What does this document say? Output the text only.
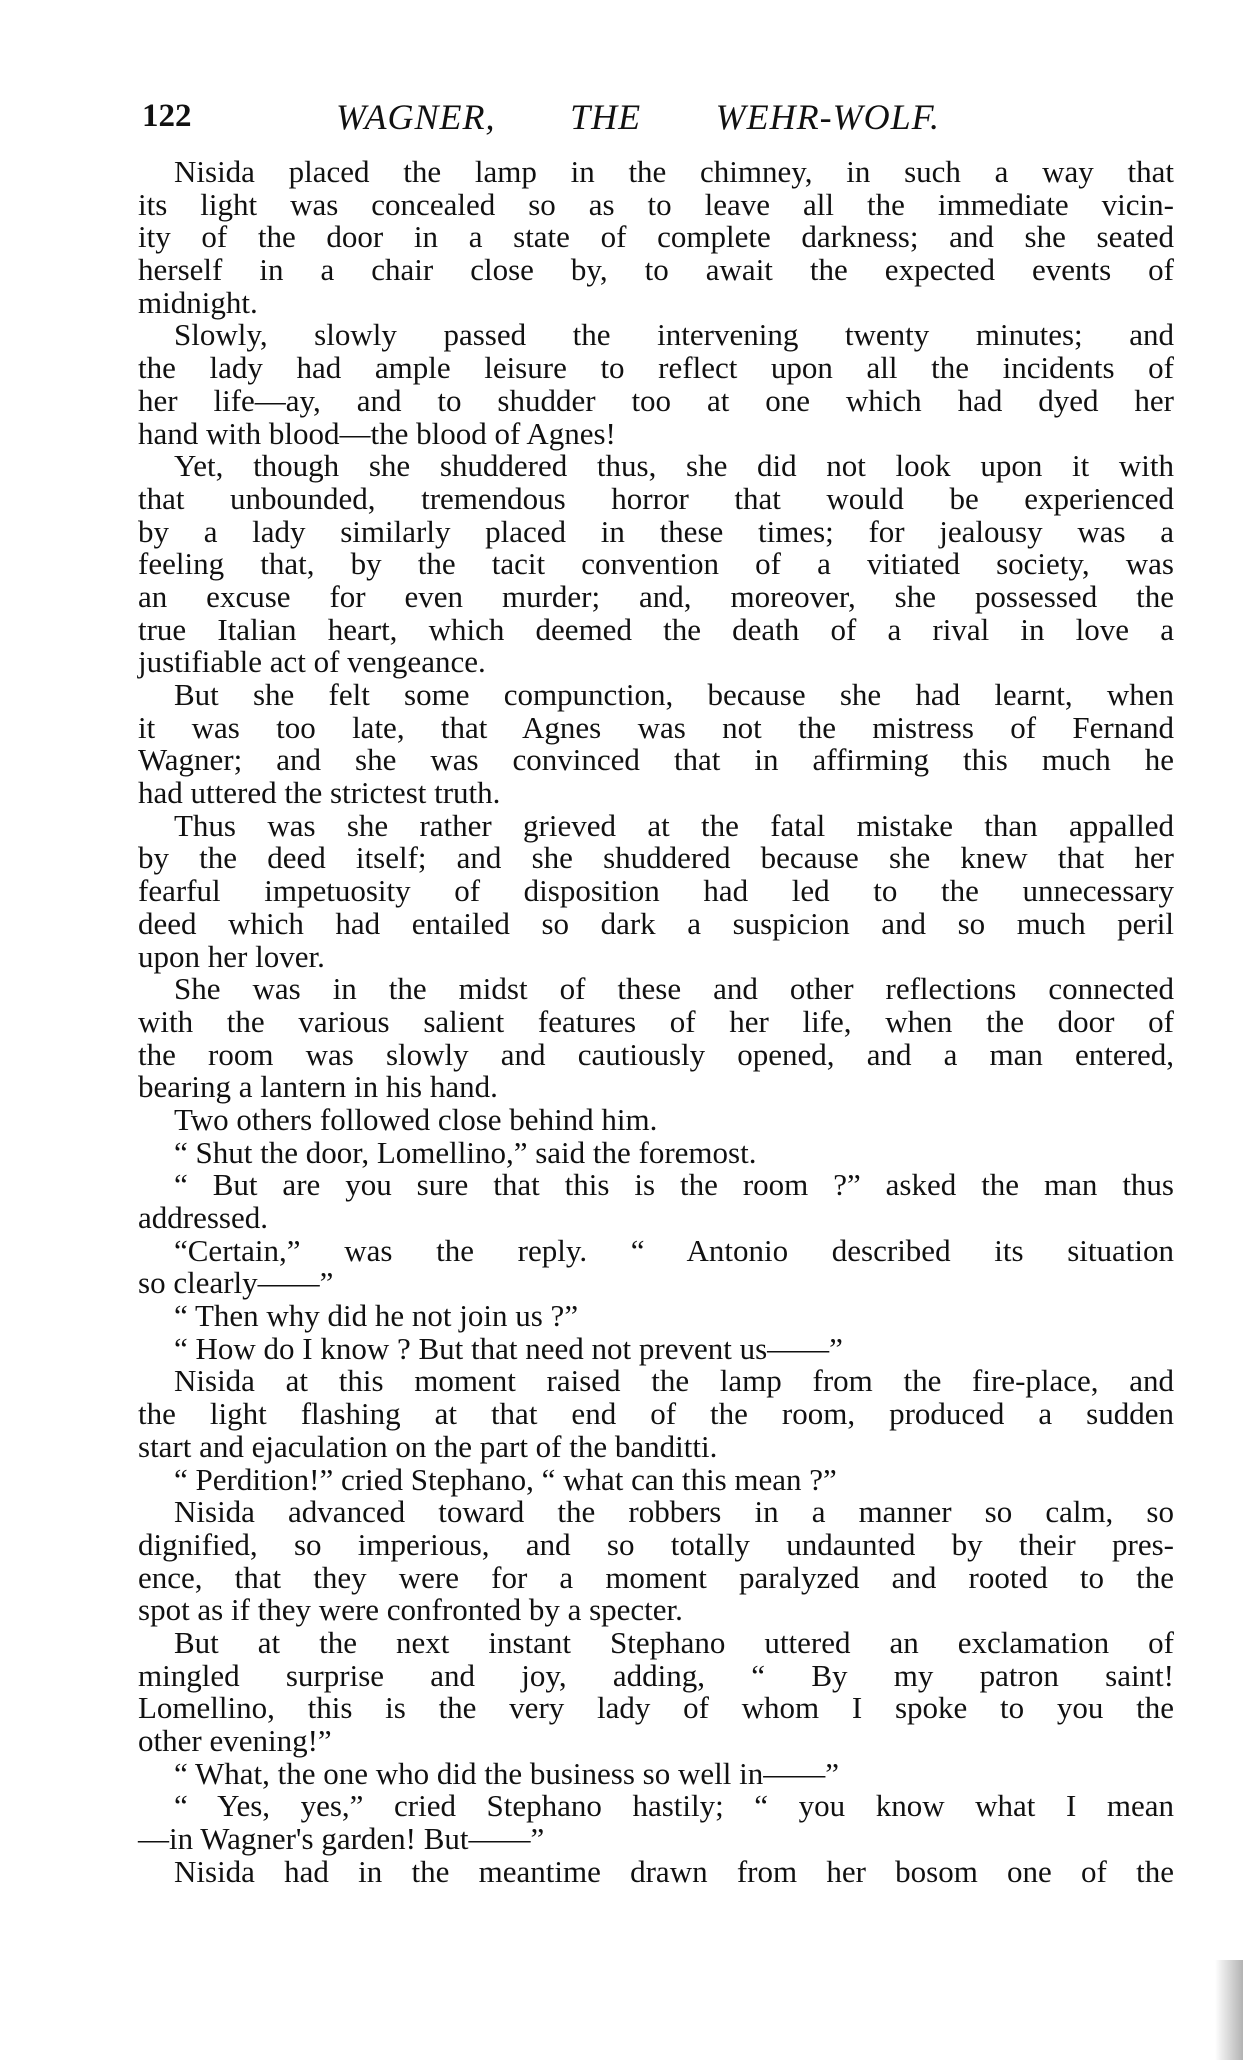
122	WAGNER, THE WEHR-WOLF.
Nisida placed the lamp in the chimney, in such a way that
its light was concealed so as to leave all the immediate vicin-
ity of the door in a state of complete darkness; and she seated
herself in a chair close by, to await the expected events of
midnight.
Slowly, slowly passed the intervening twenty minutes; and
the lady had ample leisure to reflect upon all the incidents of
her life—ay, and to shudder too at one which had dyed her
hand with blood—the blood of Agnes!
Yet, though she shuddered thus, she did not look upon it with
that unbounded, tremendous horror that would be experienced
by a lady similarly placed in these times; for jealousy was a
feeling that, by the tacit convention of a vitiated society, was
an excuse for even murder; and, moreover, she possessed the
true Italian heart, which deemed the death of a rival in love a
justifiable act of vengeance.
But she felt some compunction, because she had learnt, when
it was too late, that Agnes was not the mistress of Fernand
Wagner; and she was convinced that in affirming this much he
had uttered the strictest truth.
Thus was she rather grieved at the fatal mistake than appalled
by the deed itself; and she shuddered because she knew that her
fearful impetuosity of disposition had led to the unnecessary
deed which had entailed so dark a suspicion and so much peril
upon her lover.
She was in the midst of these and other reflections connected
with the various salient features of her life, when the door of
the room was slowly and cautiously opened, and a man entered,
bearing a lantern in his hand.
Two others followed close behind him.
“ Shut the door, Lomellino,” said the foremost.
“ But are you sure that this is the room ?” asked the man thus
addressed.
“Certain,” was the reply. “ Antonio described its situation
so clearly——”
“ Then why did he not join us ?”
“ How do I know ? But that need not prevent us——”
Nisida at this moment raised the lamp from the fire-place, and
the light flashing at that end of the room, produced a sudden
start and ejaculation on the part of the banditti.
“ Perdition!” cried Stephano, “ what can this mean ?”
Nisida advanced toward the robbers in a manner so calm, so
dignified, so imperious, and so totally undaunted by their pres-
ence, that they were for a moment paralyzed and rooted to the
spot as if they were confronted by a specter.
But at the next instant Stephano uttered an exclamation of
mingled surprise and joy, adding, “ By my patron saint!
Lomellino, this is the very lady of whom I spoke to you the
other evening!”
“ What, the one who did the business so well in——”
“ Yes, yes,” cried Stephano hastily; “ you know what I mean
—in Wagner's garden! But——”
Nisida had in the meantime drawn from her bosom one of the
